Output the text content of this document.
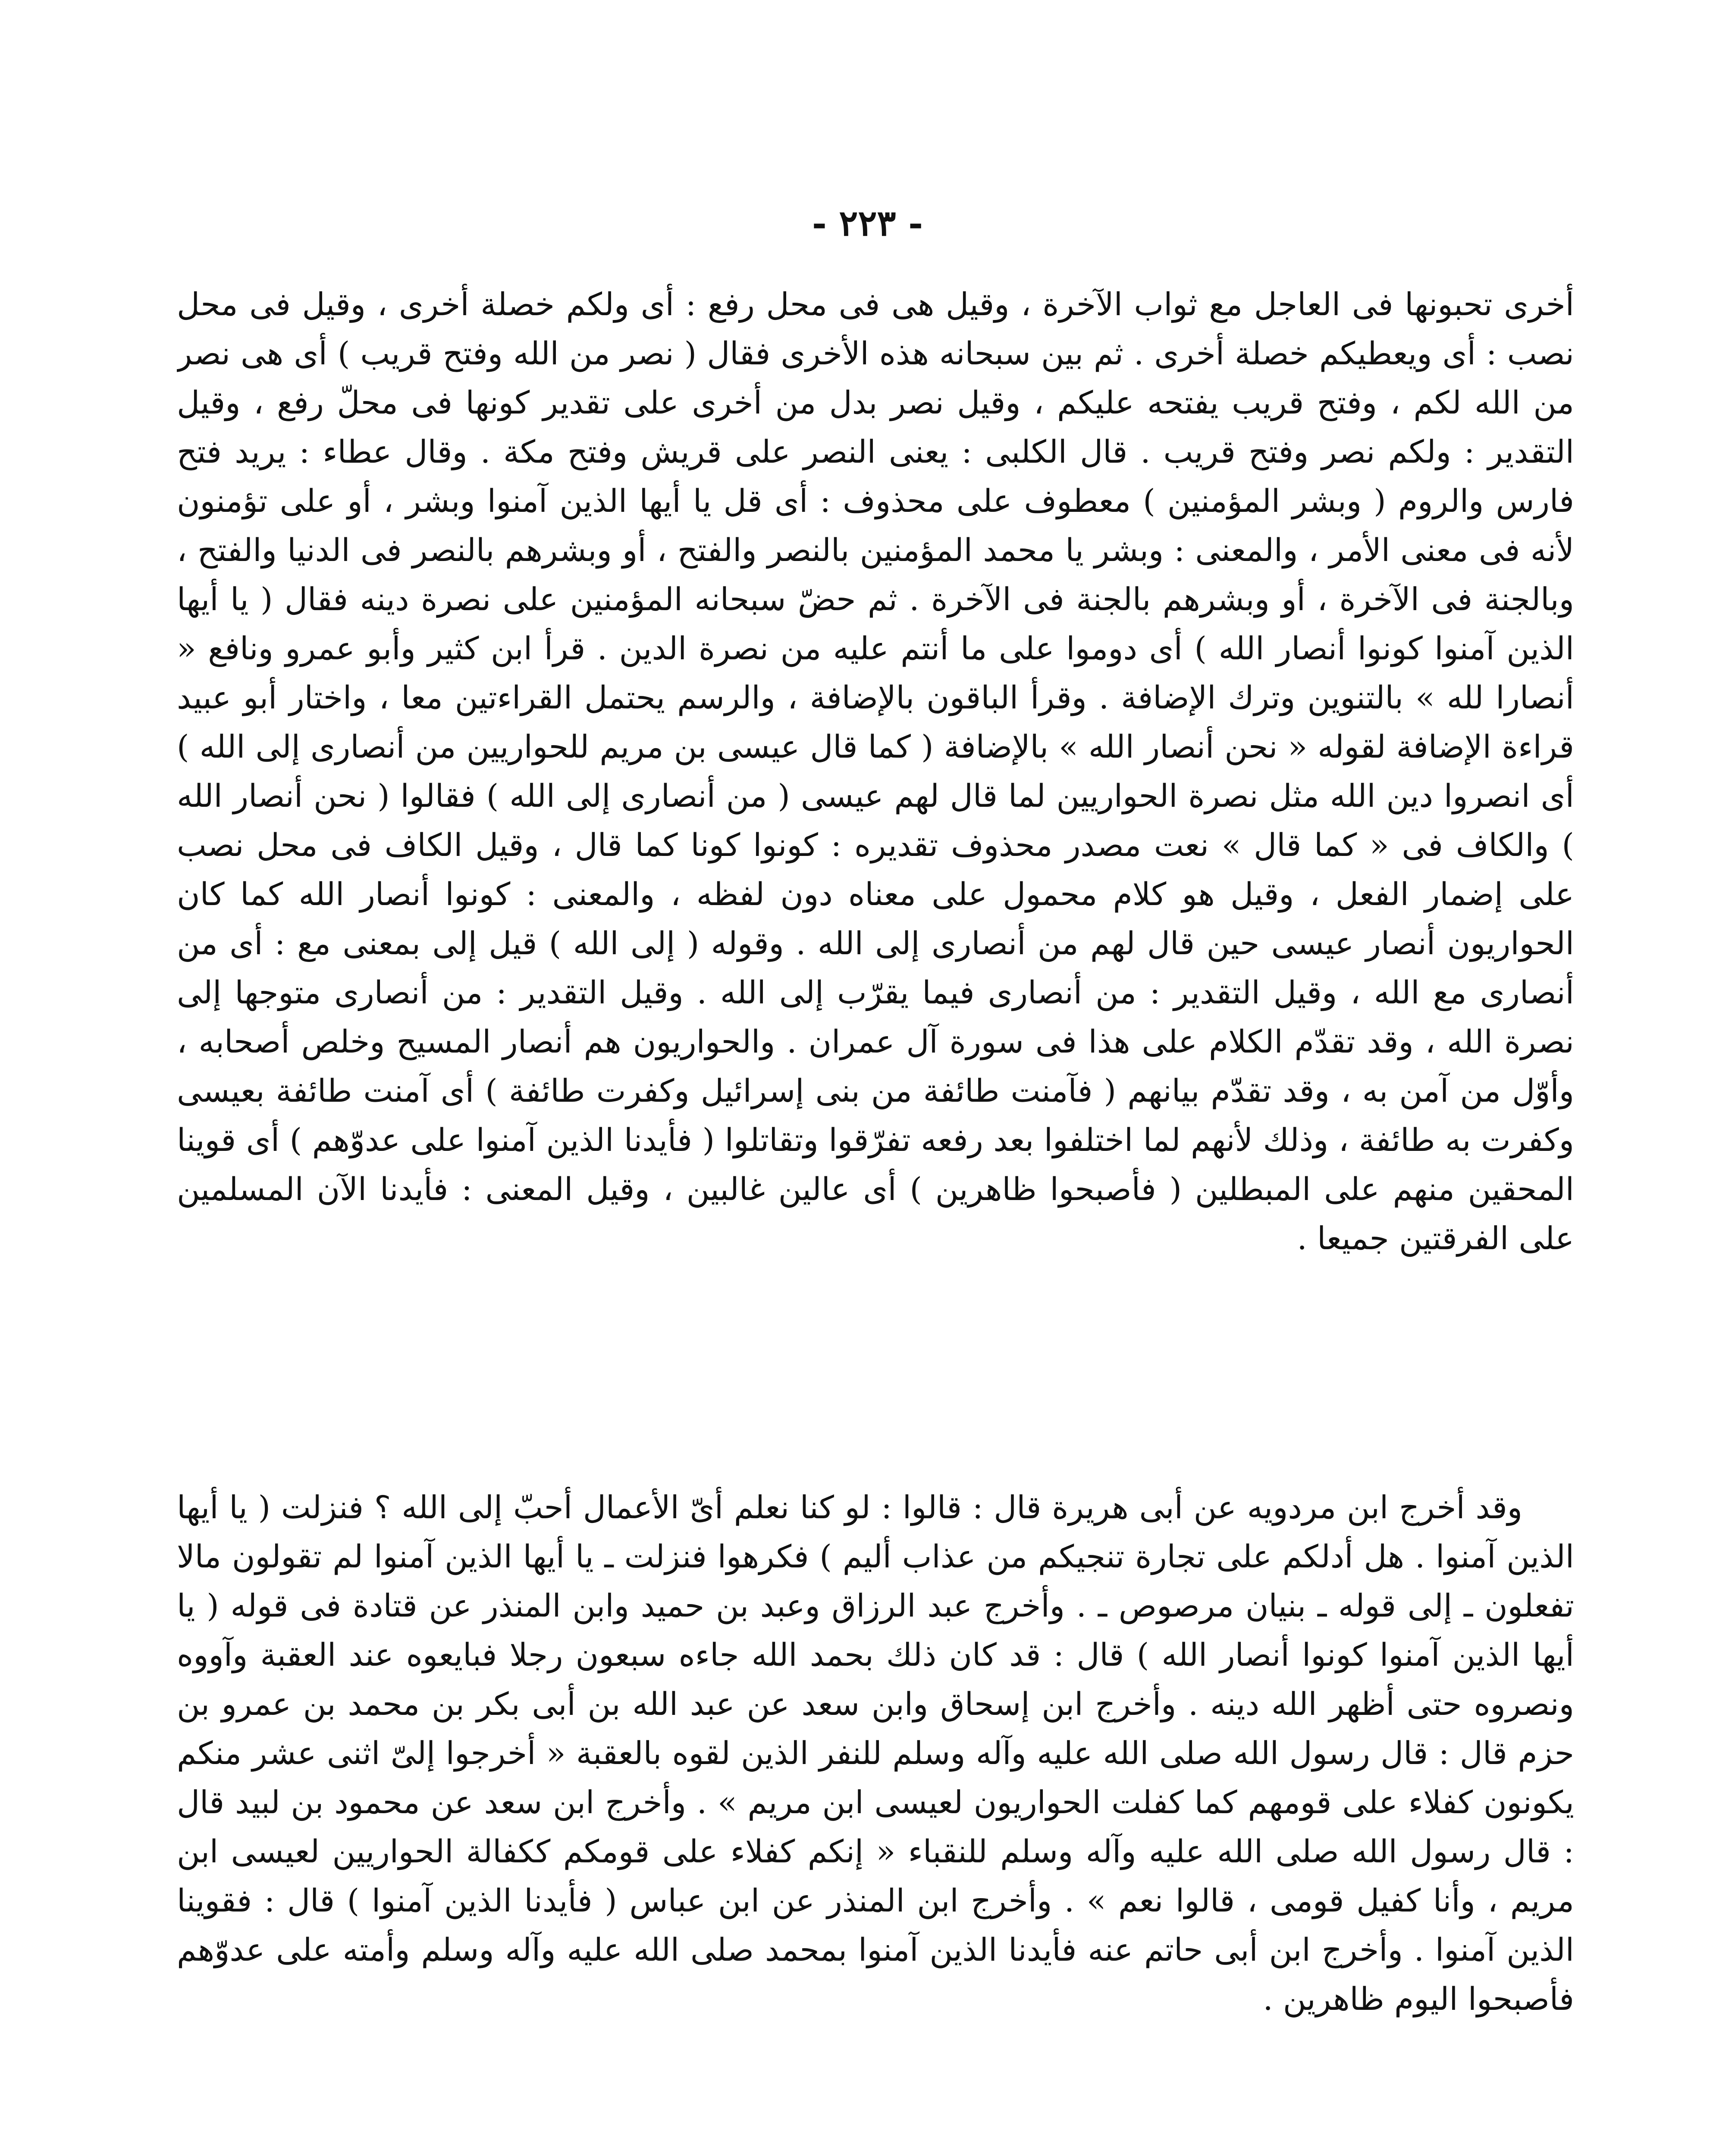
- ٢٢٣ -

أخرى تحبونها فى العاجل مع ثواب الآخرة ، وقيل هى فى محل رفع : أى ولكم خصلة أخرى ، وقيل فى محل نصب : أى ويعطيكم خصلة أخرى . ثم بين سبحانه هذه الأخرى فقال ( نصر من الله وفتح قريب ) أى هى نصر من الله لكم ، وفتح قريب يفتحه عليكم ، وقيل نصر بدل من أخرى على تقدير كونها فى محلّ رفع ، وقيل التقدير : ولكم نصر وفتح قريب . قال الكلبى : يعنى النصر على قريش وفتح مكة . وقال عطاء : يريد فتح فارس والروم ( وبشر المؤمنين ) معطوف على محذوف : أى قل يا أيها الذين آمنوا وبشر ، أو على تؤمنون لأنه فى معنى الأمر ، والمعنى : وبشر يا محمد المؤمنين بالنصر والفتح ، أو وبشرهم بالنصر فى الدنيا والفتح ، وبالجنة فى الآخرة ، أو وبشرهم بالجنة فى الآخرة . ثم حضّ سبحانه المؤمنين على نصرة دينه فقال ( يا أيها الذين آمنوا كونوا أنصار الله ) أى دوموا على ما أنتم عليه من نصرة الدين . قرأ ابن كثير وأبو عمرو ونافع « أنصارا لله » بالتنوين وترك الإضافة . وقرأ الباقون بالإضافة ، والرسم يحتمل القراءتين معا ، واختار أبو عبيد قراءة الإضافة لقوله « نحن أنصار الله » بالإضافة ( كما قال عيسى بن مريم للحواريين من أنصارى إلى الله ) أى انصروا دين الله مثل نصرة الحواريين لما قال لهم عيسى ( من أنصارى إلى الله ) فقالوا ( نحن أنصار الله ) والكاف فى « كما قال » نعت مصدر محذوف تقديره : كونوا كونا كما قال ، وقيل الكاف فى محل نصب على إضمار الفعل ، وقيل هو كلام محمول على معناه دون لفظه ، والمعنى : كونوا أنصار الله كما كان الحواريون أنصار عيسى حين قال لهم من أنصارى إلى الله . وقوله ( إلى الله ) قيل إلى بمعنى مع : أى من أنصارى مع الله ، وقيل التقدير : من أنصارى فيما يقرّب إلى الله . وقيل التقدير : من أنصارى متوجها إلى نصرة الله ، وقد تقدّم الكلام على هذا فى سورة آل عمران . والحواريون هم أنصار المسيح وخلص أصحابه ، وأوّل من آمن به ، وقد تقدّم بيانهم ( فآمنت طائفة من بنى إسرائيل وكفرت طائفة ) أى آمنت طائفة بعيسى وكفرت به طائفة ، وذلك لأنهم لما اختلفوا بعد رفعه تفرّقوا وتقاتلوا ( فأيدنا الذين آمنوا على عدوّهم ) أى قوينا المحقين منهم على المبطلين ( فأصبحوا ظاهرين ) أى عالين غالبين ، وقيل المعنى : فأيدنا الآن المسلمين على الفرقتين جميعا .

وقد أخرج ابن مردويه عن أبى هريرة قال : قالوا : لو كنا نعلم أىّ الأعمال أحبّ إلى الله ؟ فنزلت ( يا أيها الذين آمنوا . هل أدلكم على تجارة تنجيكم من عذاب أليم ) فكرهوا فنزلت ـ يا أيها الذين آمنوا لم تقولون مالا تفعلون ـ إلى قوله ـ بنيان مرصوص ـ . وأخرج عبد الرزاق وعبد بن حميد وابن المنذر عن قتادة فى قوله ( يا أيها الذين آمنوا كونوا أنصار الله ) قال : قد كان ذلك بحمد الله جاءه سبعون رجلا فبايعوه عند العقبة وآووه ونصروه حتى أظهر الله دينه . وأخرج ابن إسحاق وابن سعد عن عبد الله بن أبى بكر بن محمد بن عمرو بن حزم قال : قال رسول الله صلى الله عليه وآله وسلم للنفر الذين لقوه بالعقبة « أخرجوا إلىّ اثنى عشر منكم يكونون كفلاء على قومهم كما كفلت الحواريون لعيسى ابن مريم » . وأخرج ابن سعد عن محمود بن لبيد قال : قال رسول الله صلى الله عليه وآله وسلم للنقباء « إنكم كفلاء على قومكم ككفالة الحواريين لعيسى ابن مريم ، وأنا كفيل قومى ، قالوا نعم » . وأخرج ابن المنذر عن ابن عباس ( فأيدنا الذين آمنوا ) قال : فقوينا الذين آمنوا . وأخرج ابن أبى حاتم عنه فأيدنا الذين آمنوا بمحمد صلى الله عليه وآله وسلم وأمته على عدوّهم فأصبحوا اليوم ظاهرين .
